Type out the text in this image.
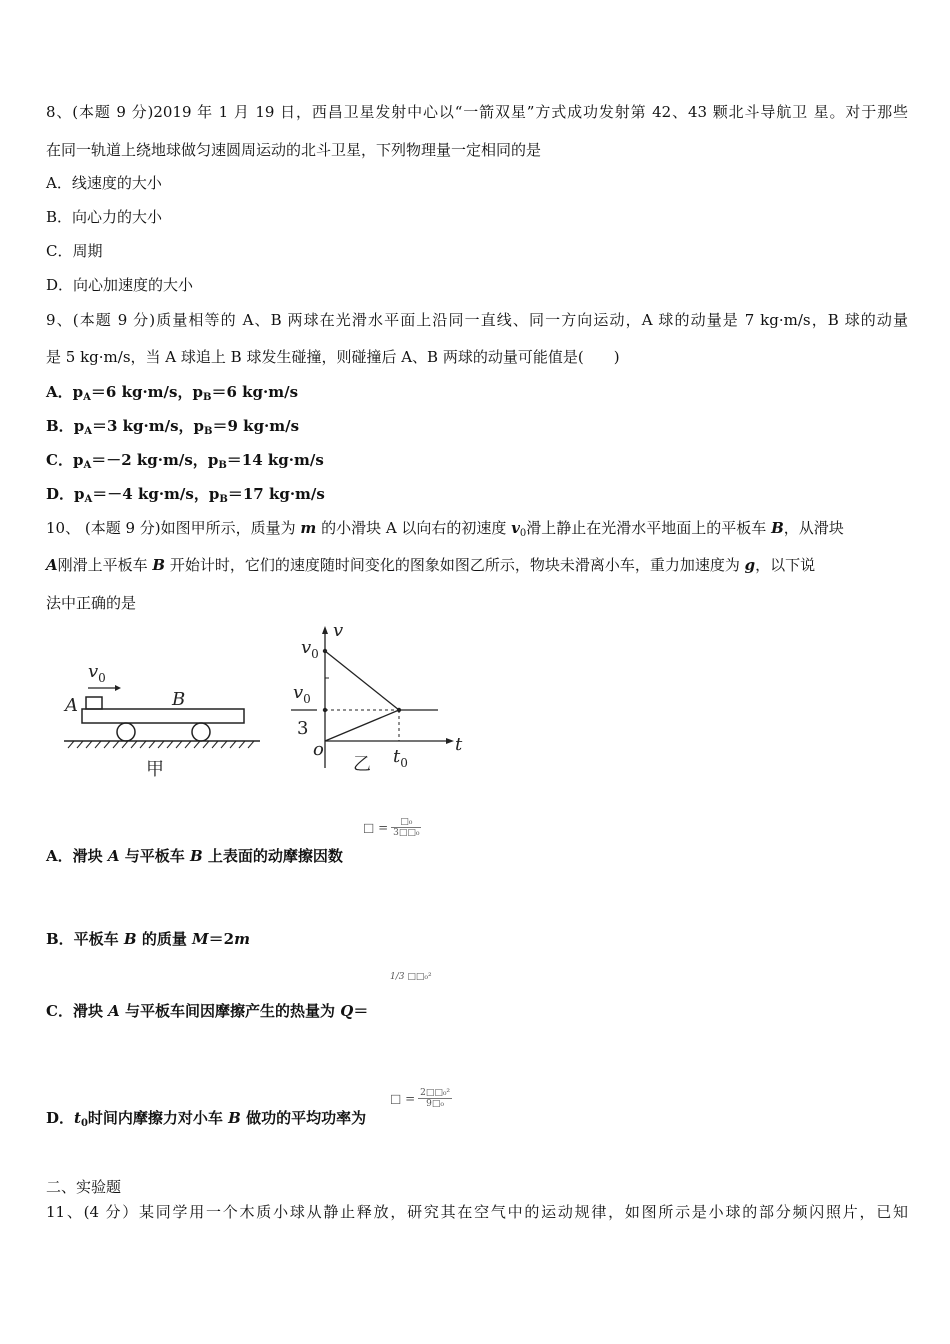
8、(本题 9 分)2019 年 1 月 19 日，西昌卫星发射中心以“一箭双星”方式成功发射第 42、43 颗北斗导航卫 星。对于那些
在同一轨道上绕地球做匀速圆周运动的北斗卫星，下列物理量一定相同的是
A．线速度的大小
B．向心力的大小
C．周期
D．向心加速度的大小
9、(本题 9 分)质量相等的 A、B 两球在光滑水平面上沿同一直线、同一方向运动，A 球的动量是 7 kg·m/s，B 球的动量
是 5 kg·m/s，当 A 球追上 B 球发生碰撞，则碰撞后 A、B 两球的动量可能值是(　　)
A．$p_A=6$ kg·m/s，$p_B=6$ kg·m/s
B．$p_A=3$ kg·m/s，$p_B=9$ kg·m/s
C．$p_A=-2$ kg·m/s，$p_B=14$ kg·m/s
D．$p_A=-4$ kg·m/s，$p_B=17$ kg·m/s
10、 (本题 9 分)如图甲所示，质量为 m 的小滑块 A 以向右的初速度 $v_0$滑上静止在光滑水平地面上的平板车 B，从滑块
A刚滑上平板车 B 开始计时，它们的速度随时间变化的图象如图乙所示，物块未滑离小车，重力加速度为 g，以下说
法中正确的是
$v_0$
A	B
甲
v
$v_0$
$v_0$
3
o	t
$t_0$
乙
□ =	□₀
3□□₀
A．滑块 A 与平板车 B 上表面的动摩擦因数
B．平板车 B 的质量 M＝2m
1/3 □□₀²
C．滑块 A 与平板车间因摩擦产生的热量为 Q＝
□ = $\frac{\text{2□□₀²}}{\text{9□₀}}$
D．$t_0$时间内摩擦力对小车 B 做功的平均功率为
二、实验题
11、(4 分）某同学用一个木质小球从静止释放，研究其在空气中的运动规律，如图所示是小球的部分频闪照片，已知
